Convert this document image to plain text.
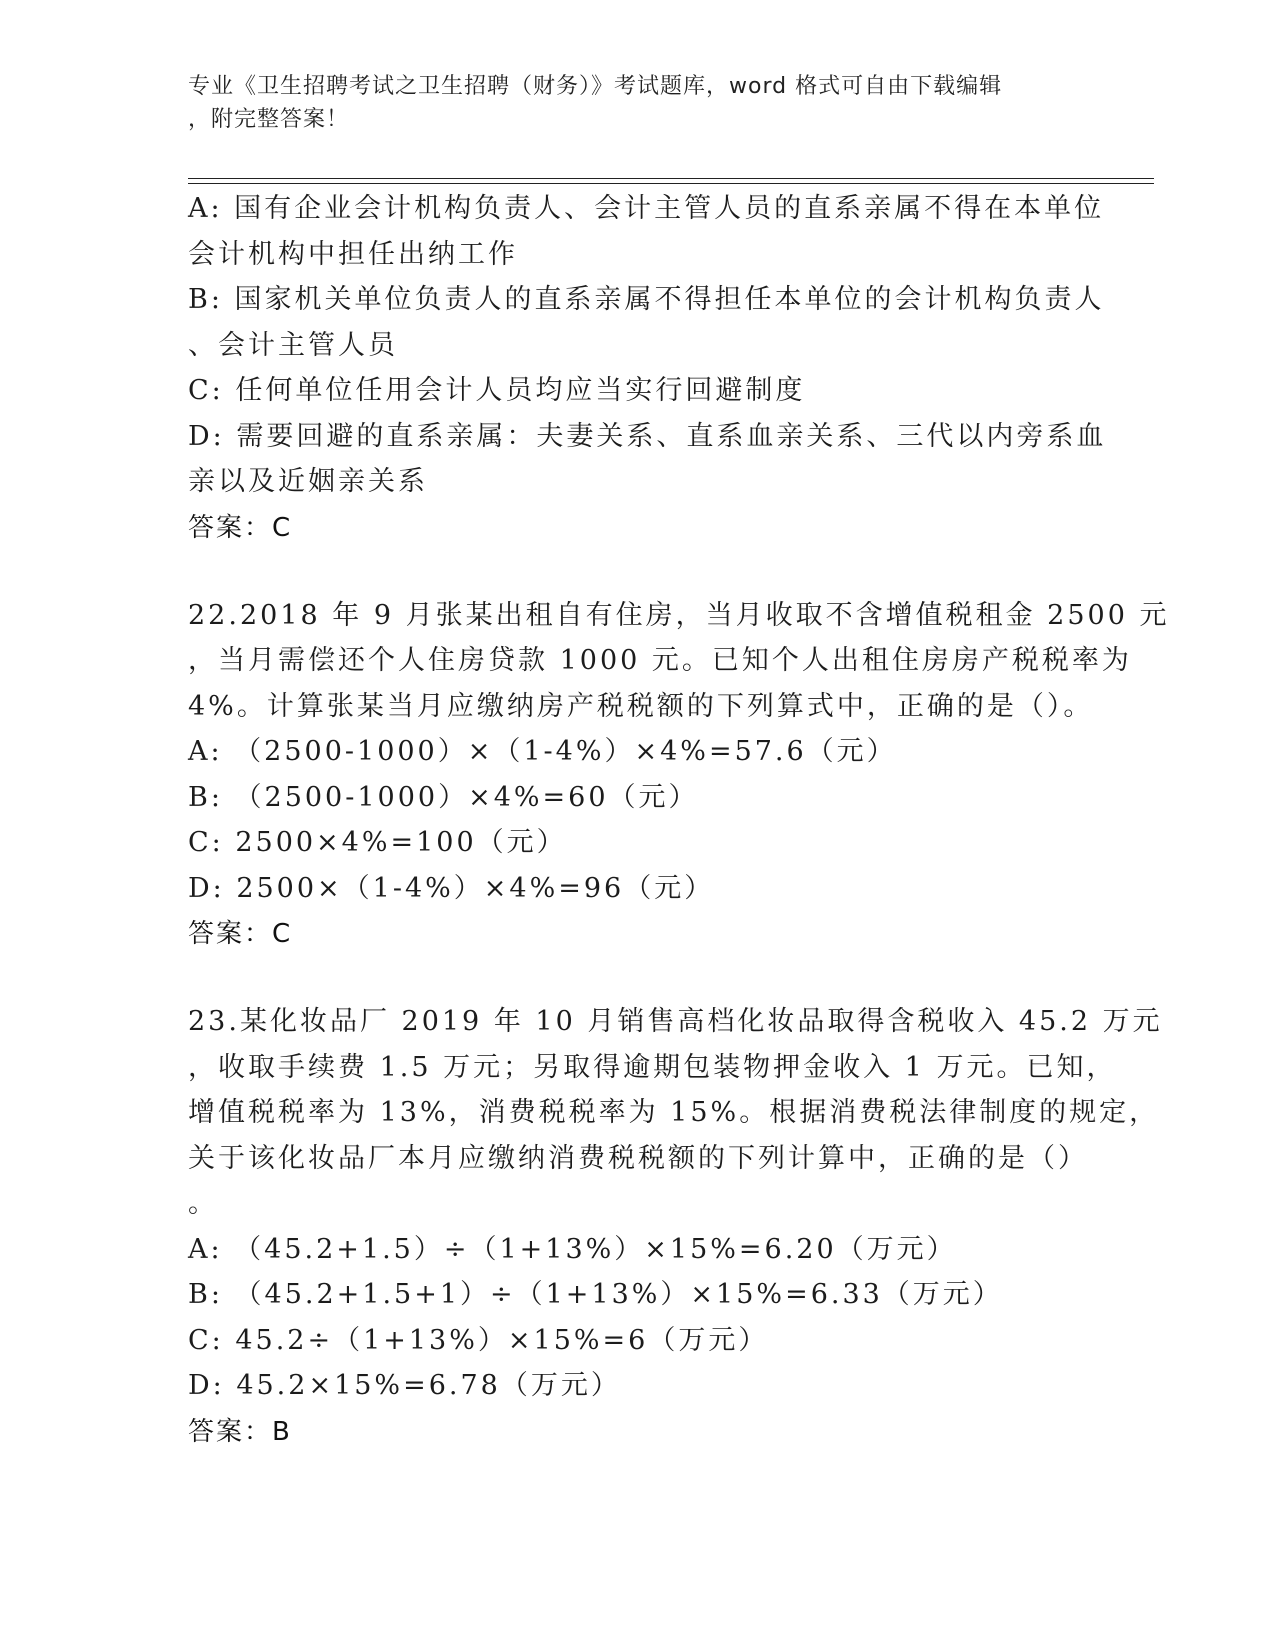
专业《卫生招聘考试之卫生招聘（财务）》考试题库，word 格式可自由下载编辑
，附完整答案！
A: 国有企业会计机构负责人、会计主管人员的直系亲属不得在本单位
会计机构中担任出纳工作
B: 国家机关单位负责人的直系亲属不得担任本单位的会计机构负责人
、会计主管人员
C: 任何单位任用会计人员均应当实行回避制度
D: 需要回避的直系亲属：夫妻关系、直系血亲关系、三代以内旁系血
亲以及近姻亲关系
答案：C
22.2018 年 9 月张某出租自有住房，当月收取不含增值税租金 2500 元
，当月需偿还个人住房贷款 1000 元。已知个人出租住房房产税税率为
4%。计算张某当月应缴纳房产税税额的下列算式中，正确的是（）。
A: （2500-1000）×（1-4%）×4%=57.6（元）
B: （2500-1000）×4%=60（元）
C: 2500×4%=100（元）
D: 2500×（1-4%）×4%=96（元）
答案：C
23.某化妆品厂 2019 年 10 月销售高档化妆品取得含税收入 45.2 万元
，收取手续费 1.5 万元；另取得逾期包装物押金收入 1 万元。已知，
增值税税率为 13%，消费税税率为 15%。根据消费税法律制度的规定，
关于该化妆品厂本月应缴纳消费税税额的下列计算中，正确的是（）
。
A: （45.2+1.5）÷（1+13%）×15%=6.20（万元）
B: （45.2+1.5+1）÷（1+13%）×15%=6.33（万元）
C: 45.2÷（1+13%）×15%=6（万元）
D: 45.2×15%=6.78（万元）
答案：B
